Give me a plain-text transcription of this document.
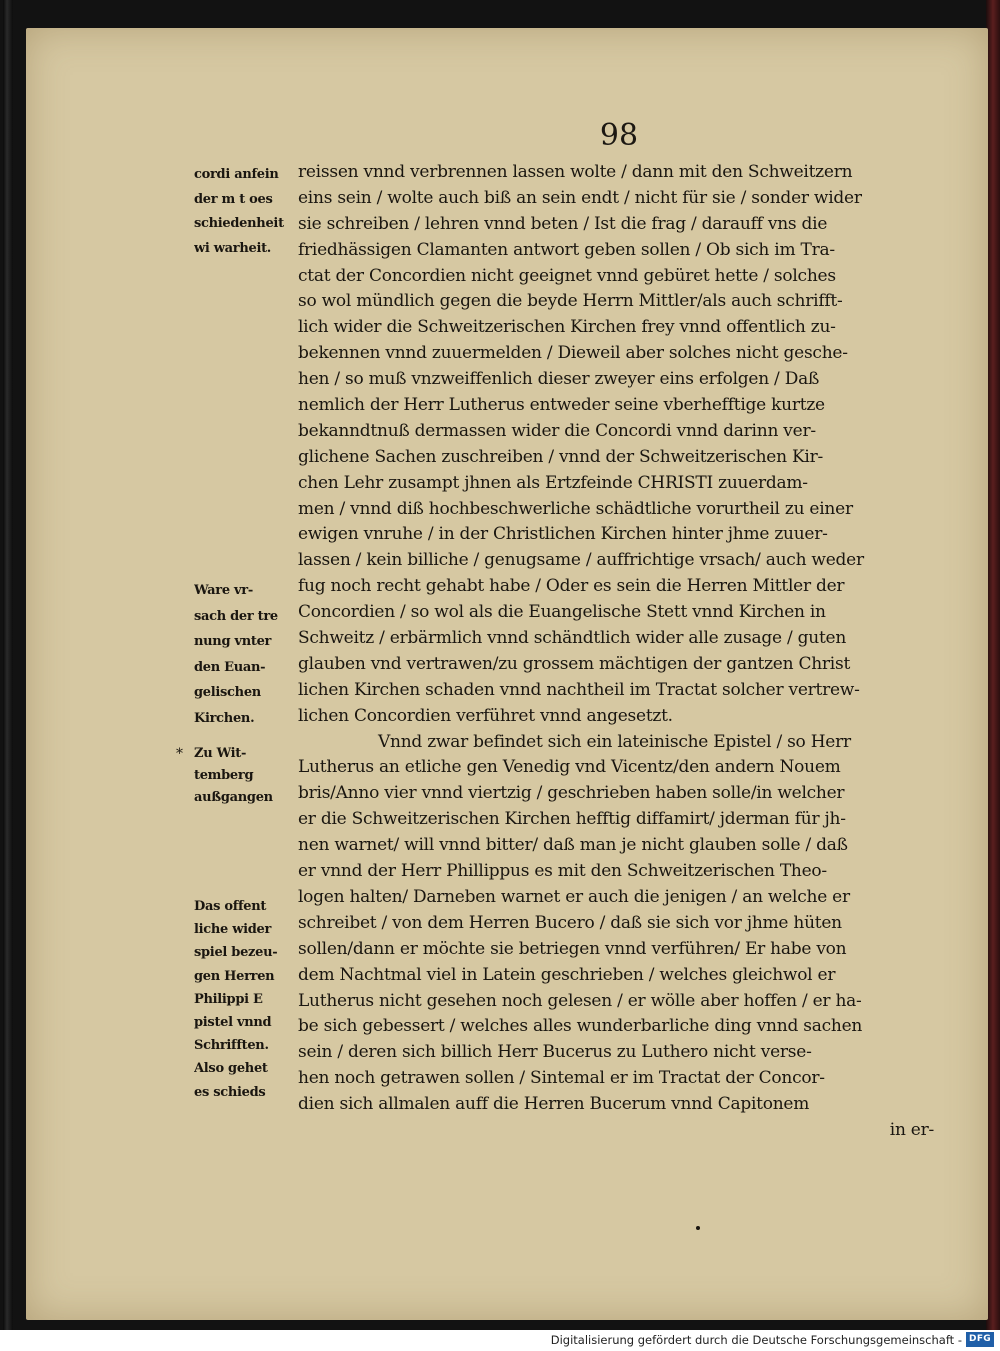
98
cordi anfein
der m t oes
schiedenheit
wi warheit.
Ware vr-
sach der tre
nung vnter
den Euan-
gelischen
Kirchen.
Zu Wit-
temberg
außgangen
Das offent
liche wider
spiel bezeu-
gen Herren
Philippi E
pistel vnnd
Schrifften.
Also gehet
es schieds
*
reissen vnnd verbrennen lassen wolte / dann mit den Schweitzern
eins sein / wolte auch biß an sein endt / nicht für sie / sonder wider
sie schreiben / lehren vnnd beten / Ist die frag / darauff vns die
friedhässigen Clamanten antwort geben sollen / Ob sich im Tra-
ctat der Concordien nicht geeignet vnnd gebüret hette / solches
so wol mündlich gegen die beyde Herrn Mittler/als auch schrifft-
lich wider die Schweitzerischen Kirchen frey vnnd offentlich zu-
bekennen vnnd zuuermelden / Dieweil aber solches nicht gesche-
hen / so muß vnzweiffenlich dieser zweyer eins erfolgen / Daß
nemlich der Herr Lutherus entweder seine vberhefftige kurtze
bekanndtnuß dermassen wider die Concordi vnnd darinn ver-
glichene Sachen zuschreiben / vnnd der Schweitzerischen Kir-
chen Lehr zusampt jhnen als Ertzfeinde CHRISTI zuuerdam-
men / vnnd diß hochbeschwerliche schädtliche vorurtheil zu einer
ewigen vnruhe / in der Christlichen Kirchen hinter jhme zuuer-
lassen / kein billiche / genugsame / auffrichtige vrsach/ auch weder
fug noch recht gehabt habe / Oder es sein die Herren Mittler der
Concordien / so wol als die Euangelische Stett vnnd Kirchen in
Schweitz / erbärmlich vnnd schändtlich wider alle zusage / guten
glauben vnd vertrawen/zu grossem mächtigen der gantzen Christ
lichen Kirchen schaden vnnd nachtheil im Tractat solcher vertrew-
lichen Concordien verführet vnnd angesetzt.
Vnnd zwar befindet sich ein lateinische Epistel / so Herr
Lutherus an etliche gen Venedig vnd Vicentz/den andern Nouem
bris/Anno vier vnnd viertzig / geschrieben haben solle/in welcher
er die Schweitzerischen Kirchen hefftig diffamirt/ jderman für jh-
nen warnet/ will vnnd bitter/ daß man je nicht glauben solle / daß
er vnnd der Herr Phillippus es mit den Schweitzerischen Theo-
logen halten/ Darneben warnet er auch die jenigen / an welche er
schreibet / von dem Herren Bucero / daß sie sich vor jhme hüten
sollen/dann er möchte sie betriegen vnnd verführen/ Er habe von
dem Nachtmal viel in Latein geschrieben / welches gleichwol er
Lutherus nicht gesehen noch gelesen / er wölle aber hoffen / er ha-
be sich gebessert / welches alles wunderbarliche ding vnnd sachen
sein / deren sich billich Herr Bucerus zu Luthero nicht verse-
hen noch getrawen sollen / Sintemal er im Tractat der Concor-
dien sich allmalen auff die Herren Bucerum vnnd Capitonem
in er-
Digitalisierung gefördert durch die Deutsche Forschungsgemeinschaft - DFG
